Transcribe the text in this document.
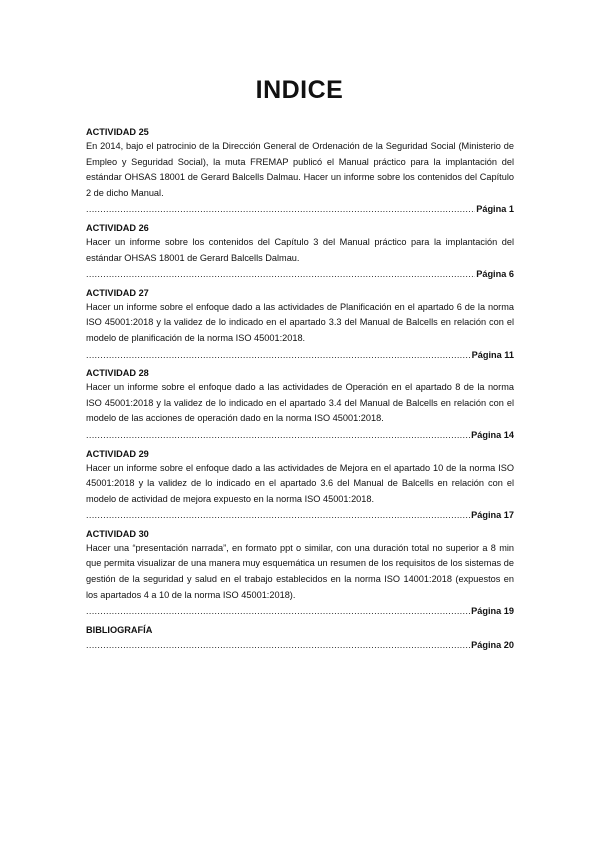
INDICE
ACTIVIDAD 25

En 2014, bajo el patrocinio de la Dirección General de Ordenación de la Seguridad Social (Ministerio de Empleo y Seguridad Social), la muta FREMAP publicó el Manual práctico para la implantación del estándar OHSAS 18001 de Gerard Balcells Dalmau. Hacer un informe sobre los contenidos del Capítulo 2 de dicho Manual.

.....
Página 1
ACTIVIDAD 26

Hacer un informe sobre los contenidos del Capítulo 3 del Manual práctico para la implantación del estándar OHSAS 18001 de Gerard Balcells Dalmau.

.....
Página 6
ACTIVIDAD 27

Hacer un informe sobre el enfoque dado a las actividades de Planificación en el apartado 6 de la norma ISO 45001:2018 y la validez de lo indicado en el apartado 3.3 del Manual de Balcells en relación con el modelo de planificación de la norma ISO 45001:2018.

.....
Página 11
ACTIVIDAD 28

Hacer un informe sobre el enfoque dado a las actividades de Operación en el apartado 8 de la norma ISO 45001:2018 y la validez de lo indicado en el apartado 3.4 del Manual de Balcells en relación con el modelo de las acciones de operación dado en la norma ISO 45001:2018.

.....
Página 14
ACTIVIDAD 29

Hacer un informe sobre el enfoque dado a las actividades de Mejora en el apartado 10 de la norma ISO 45001:2018 y la validez de lo indicado en el apartado 3.6 del Manual de Balcells en relación con el modelo de actividad de mejora expuesto en la norma ISO 45001:2018.

.....
Página 17
ACTIVIDAD 30

Hacer una “presentación narrada”, en formato ppt o similar, con una duración total no superior a 8 min que permita visualizar de una manera muy esquemática un resumen de los requisitos de los sistemas de gestión de la seguridad y salud en el trabajo establecidos en la norma ISO 14001:2018 (expuestos en los apartados 4 a 10 de la norma ISO 45001:2018).

.....
Página 19
BIBLIOGRAFÍA
.....
Página 20
